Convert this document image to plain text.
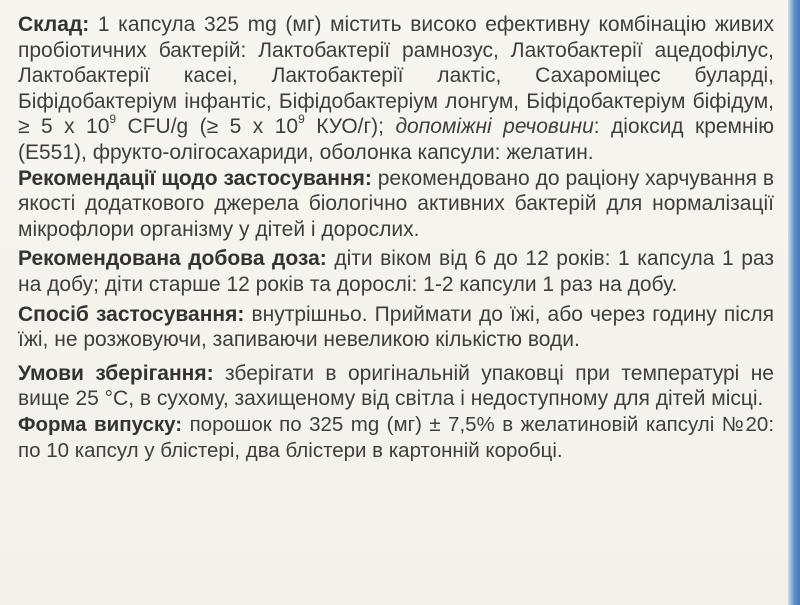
Склад: 1 капсула 325 mg (мг) містить високо ефективну комбінацію живих пробіотичних бактерій: Лактобактерії рамнозус, Лактобактерії ацедофілус, Лактобактерії касеі, Лактобактерії лактіс, Сахароміцес буларді, Біфідобактеріум інфантіс, Біфідобактеріум лонгум, Біфідобактеріум біфідум, ≥ 5 x $10^9$ CFU/g (≥ 5 x $10^9$ КУО/г); допоміжні речовини: діоксид кремнію (E551), фрукто-олігосахариди, оболонка капсули: желатин.

Рекомендації щодо застосування: рекомендовано до раціону харчування в якості додаткового джерела біологічно активних бактерій для нормалізації мікрофлори організму у дітей і дорослих.

Рекомендована добова доза: діти віком від 6 до 12 років: 1 капсула 1 раз на добу; діти старше 12 років та дорослі: 1-2 капсули 1 раз на добу.

Спосіб застосування: внутрішньо. Приймати до їжі, або через годину після їжі, не розжовуючи, запиваючи невеликою кількістю води.

Умови зберігання: зберігати в оригінальній упаковці при температурі не вище 25 °С, в сухому, захищеному від світла і недоступному для дітей місці.

Форма випуску: порошок по 325 mg (мг) ± 7,5% в желатиновій капсулі №20: по 10 капсул у блістері, два блістери в картонній коробці.
